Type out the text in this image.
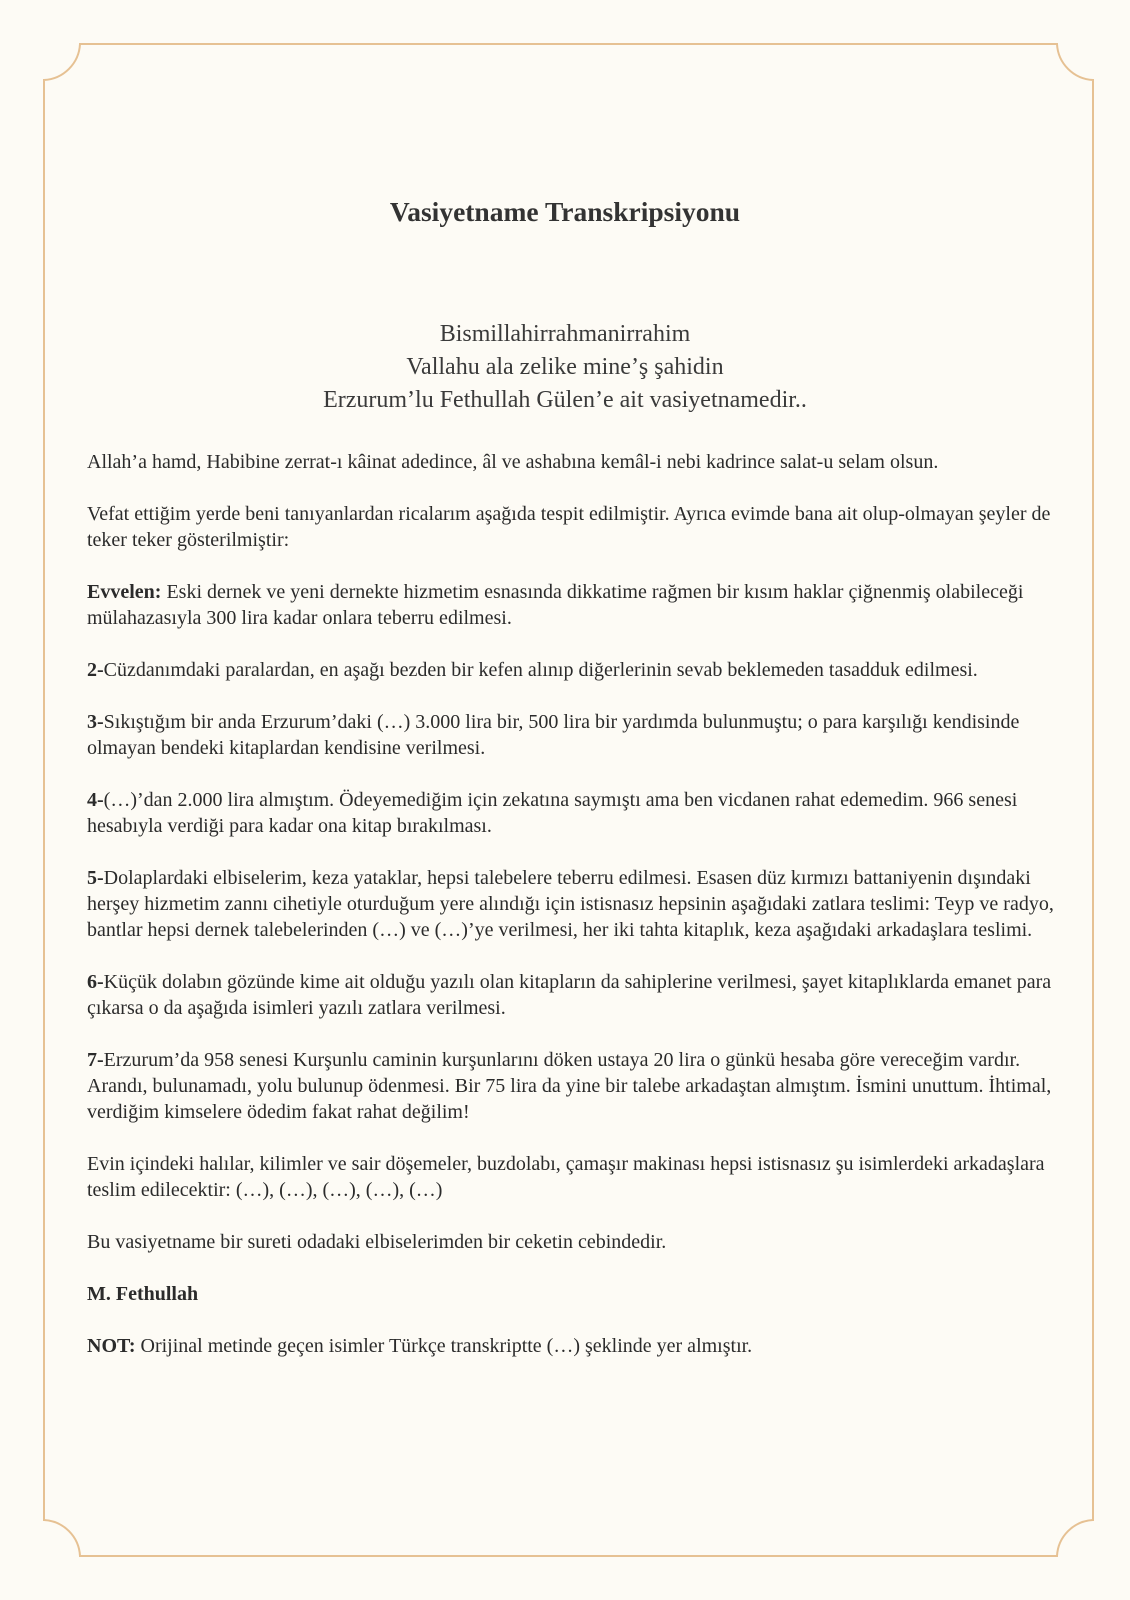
Vasiyetname Transkripsiyonu
Bismillahirrahmanirrahim
Vallahu ala zelike mine’ş şahidin
Erzurum’lu Fethullah Gülen’e ait vasiyetnamedir..

Allah’a hamd, Habibine zerrat-ı kâinat adedince, âl ve ashabına kemâl-i nebi kadrince salat-u selam olsun.

Vefat ettiğim yerde beni tanıyanlardan ricalarım aşağıda tespit edilmiştir. Ayrıca evimde bana ait olup-olmayan şeyler de teker teker gösterilmiştir:

Evvelen: Eski dernek ve yeni dernekte hizmetim esnasında dikkatime rağmen bir kısım haklar çiğnenmiş olabileceği mülahazasıyla 300 lira kadar onlara teberru edilmesi.

2-Cüzdanımdaki paralardan, en aşağı bezden bir kefen alınıp diğerlerinin sevab beklemeden tasadduk edilmesi.

3-Sıkıştığım bir anda Erzurum’daki (…) 3.000 lira bir, 500 lira bir yardımda bulunmuştu; o para karşılığı kendisinde olmayan bendeki kitaplardan kendisine verilmesi.

4-(…)’dan 2.000 lira almıştım. Ödeyemediğim için zekatına saymıştı ama ben vicdanen rahat edemedim. 966 senesi hesabıyla verdiği para kadar ona kitap bırakılması.

5-Dolaplardaki elbiselerim, keza yataklar, hepsi talebelere teberru edilmesi. Esasen düz kırmızı battaniyenin dışındaki herşey hizmetim zannı cihetiyle oturduğum yere alındığı için istisnasız hepsinin aşağıdaki zatlara teslimi: Teyp ve radyo, bantlar hepsi dernek talebelerinden (…) ve (…)’ye verilmesi, her iki tahta kitaplık, keza aşağıdaki arkadaşlara teslimi.

6-Küçük dolabın gözünde kime ait olduğu yazılı olan kitapların da sahiplerine verilmesi, şayet kitaplıklarda emanet para çıkarsa o da aşağıda isimleri yazılı zatlara verilmesi.

7-Erzurum’da 958 senesi Kurşunlu caminin kurşunlarını döken ustaya 20 lira o günkü hesaba göre vereceğim vardır. Arandı, bulunamadı, yolu bulunup ödenmesi. Bir 75 lira da yine bir talebe arkadaştan almıştım. İsmini unuttum. İhtimal, verdiğim kimselere ödedim fakat rahat değilim!

Evin içindeki halılar, kilimler ve sair döşemeler, buzdolabı, çamaşır makinası hepsi istisnasız şu isimlerdeki arkadaşlara teslim edilecektir: (…), (…), (…), (…), (…)

Bu vasiyetname bir sureti odadaki elbiselerimden bir ceketin cebindedir.

M. Fethullah

NOT: Orijinal metinde geçen isimler Türkçe transkriptte (…) şeklinde yer almıştır.
